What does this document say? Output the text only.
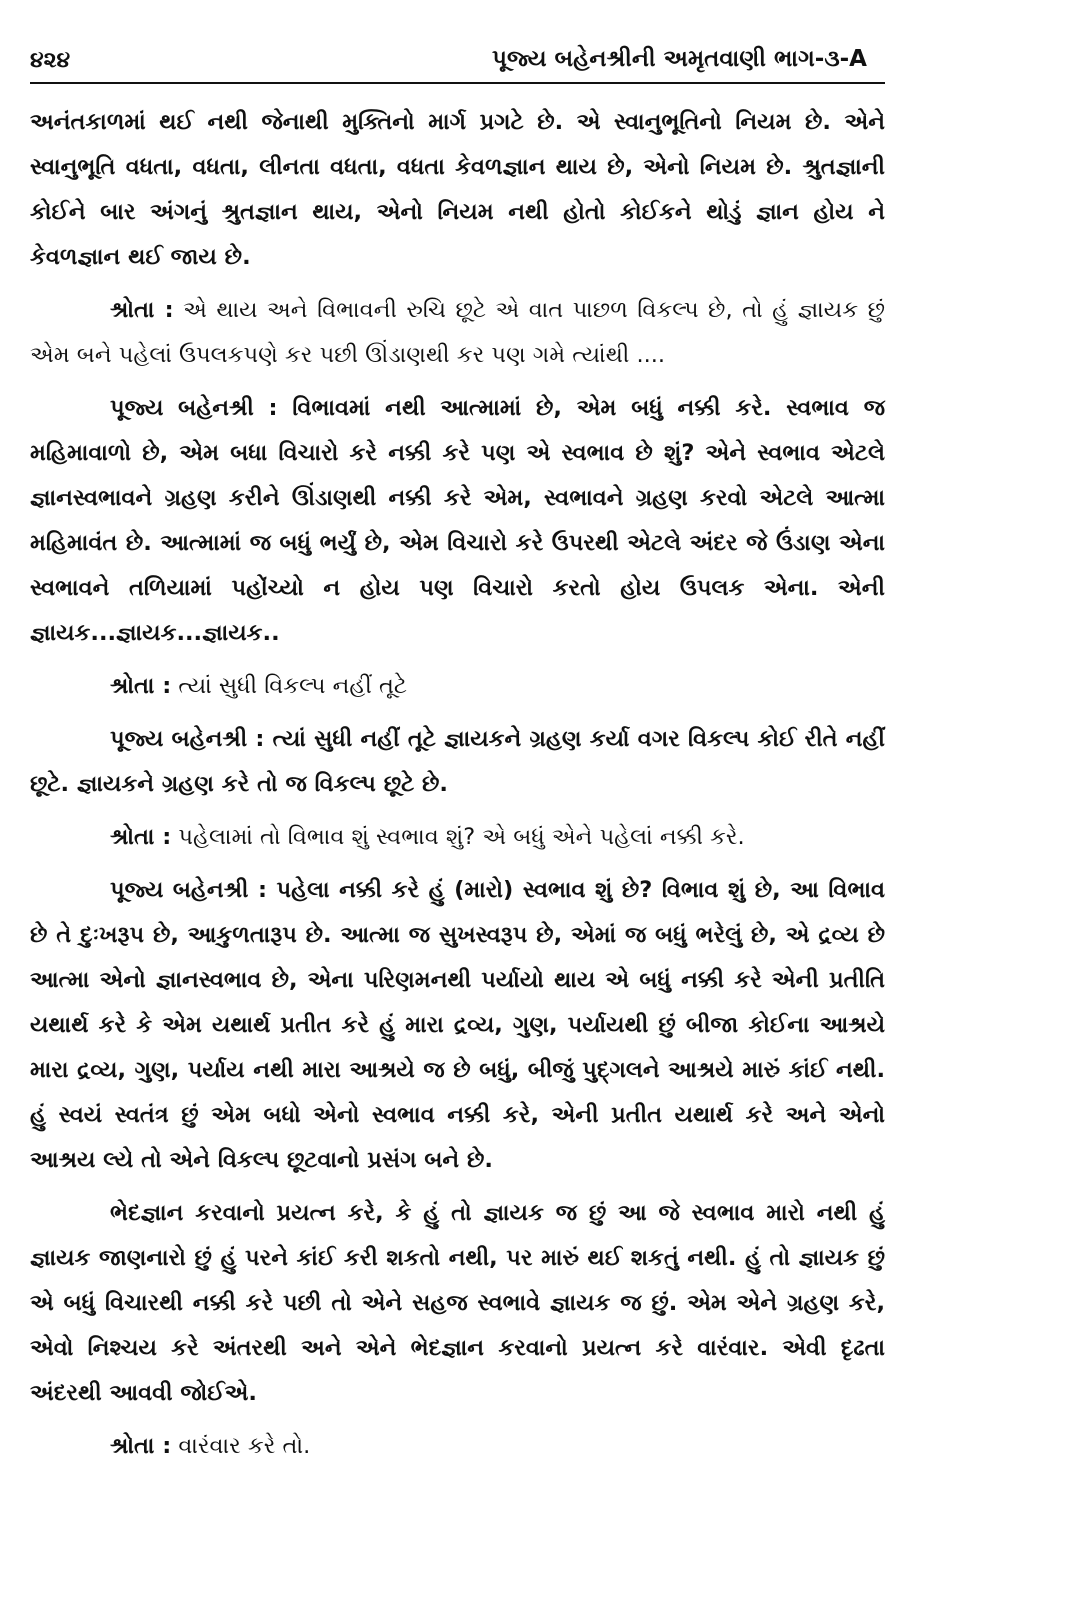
૪૨૪	પૂજ્ય બહેનશ્રીની અમૃતવાણી ભાગ-૩-A

અનંતકાળમાં થઈ નથી જેનાથી મુક્તિનો માર્ગ પ્રગટે છે. એ સ્વાનુભૂતિનો નિયમ છે. એને સ્વાનુભૂતિ વધતા, વધતા, લીનતા વધતા, વધતા કેવળજ્ઞાન થાય છે, એનો નિયમ છે. શ્રુતજ્ઞાની કોઈને બાર અંગનું શ્રુતજ્ઞાન થાય, એનો નિયમ નથી હોતો કોઈકને થોડું જ્ઞાન હોય ને કેવળજ્ઞાન થઈ જાય છે.

શ્રોતા : એ થાય અને વિભાવની રુચિ છૂટે એ વાત પાછળ વિકલ્પ છે, તો હું જ્ઞાયક છું એમ બને પહેલાં ઉપલકપણે કર પછી ઊંડાણથી કર પણ ગમે ત્યાંથી ....

પૂજ્ય બહેનશ્રી : વિભાવમાં નથી આત્મામાં છે, એમ બધું નક્કી કરે. સ્વભાવ જ મહિમાવાળો છે, એમ બધા વિચારો કરે નક્કી કરે પણ એ સ્વભાવ છે શું? એને સ્વભાવ એટલે જ્ઞાનસ્વભાવને ગ્રહણ કરીને ઊંડાણથી નક્કી કરે એમ, સ્વભાવને ગ્રહણ કરવો એટલે આત્મા મહિમાવંત છે. આત્મામાં જ બધું ભર્યું છે, એમ વિચારો કરે ઉપરથી એટલે અંદર જે ઉંડાણ એના સ્વભાવને તળિયામાં પહોંચ્યો ન હોય પણ વિચારો કરતો હોય ઉપલક એના. એની જ્ઞાયક...જ્ઞાયક...જ્ઞાયક..

શ્રોતા : ત્યાં સુધી વિકલ્પ નહીં તૂટે

પૂજ્ય બહેનશ્રી : ત્યાં સુધી નહીં તૂટે જ્ઞાયકને ગ્રહણ કર્યા વગર વિકલ્પ કોઈ રીતે નહીં છૂટે. જ્ઞાયકને ગ્રહણ કરે તો જ વિકલ્પ છૂટે છે.

શ્રોતા : પહેલામાં તો વિભાવ શું સ્વભાવ શું? એ બધું એને પહેલાં નક્કી કરે.

પૂજ્ય બહેનશ્રી : પહેલા નક્કી કરે હું (મારો) સ્વભાવ શું છે? વિભાવ શું છે, આ વિભાવ છે તે દુઃખરૂપ છે, આકુળતારૂપ છે. આત્મા જ સુખસ્વરૂપ છે, એમાં જ બધું ભરેલું છે, એ દ્રવ્ય છે આત્મા એનો જ્ઞાનસ્વભાવ છે, એના પરિણમનથી પર્યાયો થાય એ બધું નક્કી કરે એની પ્રતીતિ યથાર્થ કરે કે એમ યથાર્થ પ્રતીત કરે હું મારા દ્રવ્ય, ગુણ, પર્યાયથી છું બીજા કોઈના આશ્રયે મારા દ્રવ્ય, ગુણ, પર્યાય નથી મારા આશ્રયે જ છે બધું, બીજું પુદ્ગલને આશ્રયે મારું કાંઈ નથી. હું સ્વયં સ્વતંત્ર છું એમ બધો એનો સ્વભાવ નક્કી કરે, એની પ્રતીત યથાર્થ કરે અને એનો આશ્રય લ્યે તો એને વિકલ્પ છૂટવાનો પ્રસંગ બને છે.

ભેદજ્ઞાન કરવાનો પ્રયત્ન કરે, કે હું તો જ્ઞાયક જ છું આ જે સ્વભાવ મારો નથી હું જ્ઞાયક જાણનારો છું હું પરને કાંઈ કરી શકતો નથી, પર મારું થઈ શકતું નથી. હું તો જ્ઞાયક છું એ બધું વિચારથી નક્કી કરે પછી તો એને સહજ સ્વભાવે જ્ઞાયક જ છું. એમ એને ગ્રહણ કરે, એવો નિશ્ચય કરે અંતરથી અને એને ભેદજ્ઞાન કરવાનો પ્રયત્ન કરે વારંવાર. એવી દૃઢતા અંદરથી આવવી જોઈએ.

શ્રોતા : વારંવાર કરે તો.
